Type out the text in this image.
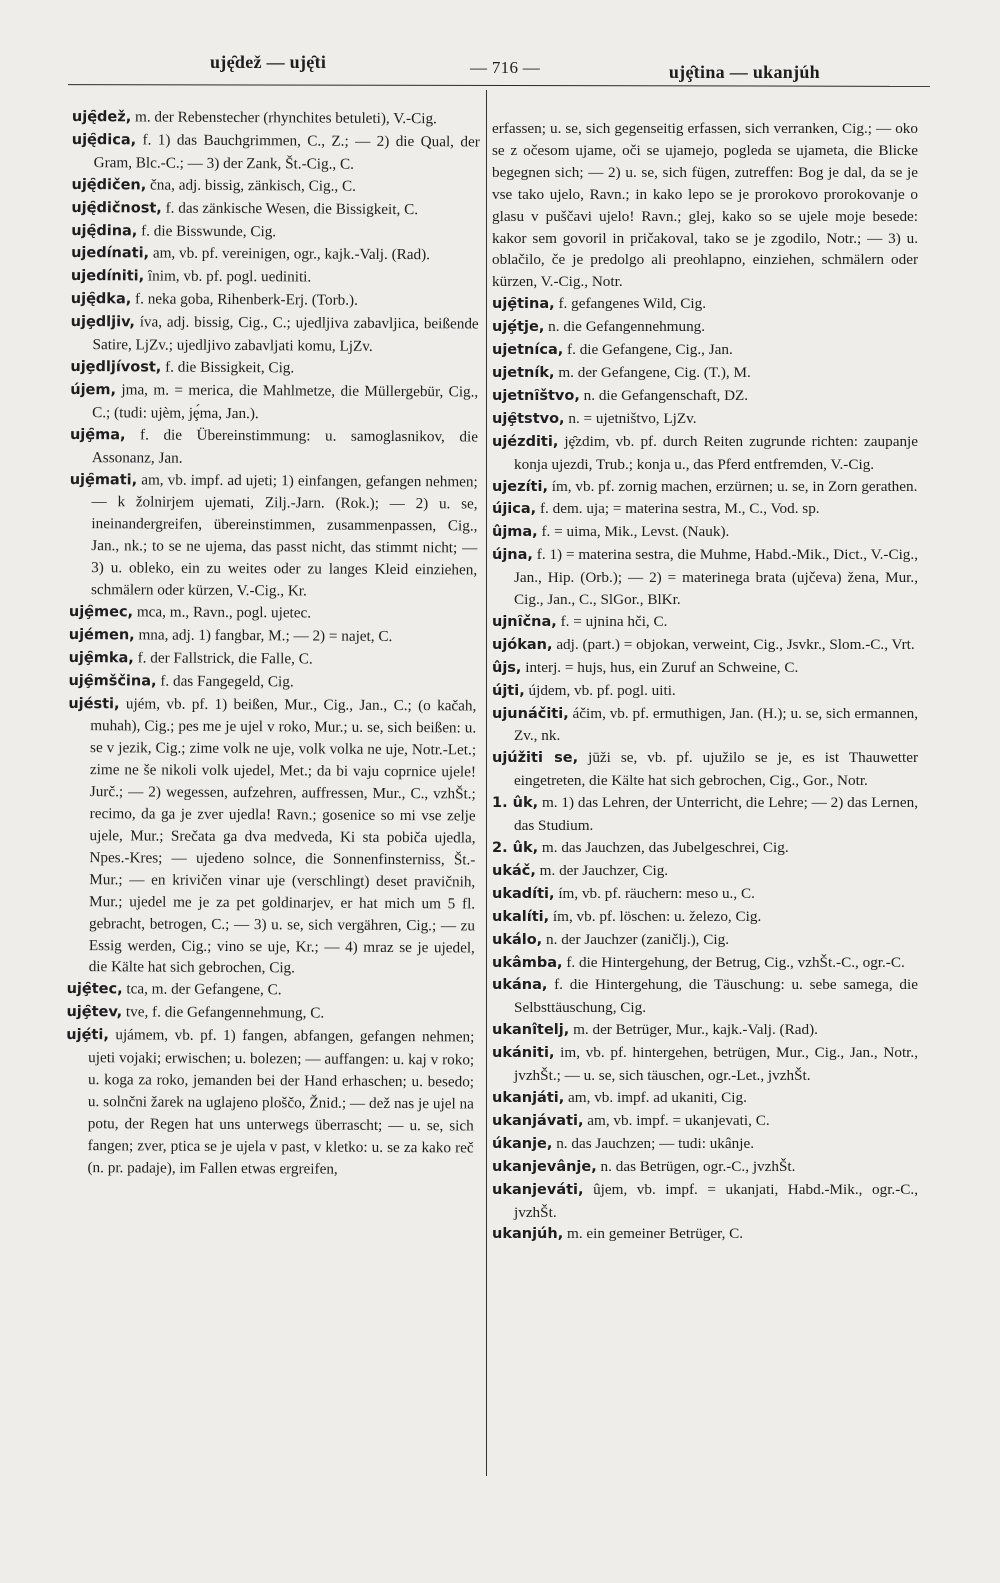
uję̑dež — uję̑ti	— 716 —	ujȩ̑tina — ukanjúh

uję̑dež, m. der Rebenstecher (rhynchites betuleti), V.-Cig.

uję̑dica, f. 1) das Bauchgrimmen, C., Z.; — 2) die Qual, der Gram, Blc.-C.; — 3) der Zank, Št.-Cig., C.

uję̑dičen, čna, adj. bissig, zänkisch, Cig., C.

uję̑dičnost, f. das zänkische Wesen, die Bissigkeit, C.

uję̑dina, f. die Bisswunde, Cig.

ujedínati, am, vb. pf. vereinigen, ogr., kajk.-Valj. (Rad).

ujedíniti, ȋnim, vb. pf. pogl. uediniti.

uję̑dka, f. neka goba, Rihenberk-Erj. (Torb.).

ujȩdljiv, íva, adj. bissig, Cig., C.; ujedljiva zabavljica, beißende Satire, LjZv.; ujedljivo zabavljati komu, LjZv.

ujȩdljívost, f. die Bissigkeit, Cig.

újem, jma, m. = merica, die Mahlmetze, die Müllergebür, Cig., C.; (tudi: ujèm, jȩ́ma, Jan.).

ujȩ̑ma, f. die Übereinstimmung: u. samoglasnikov, die Assonanz, Jan.

ujȩ̑mati, am, vb. impf. ad ujeti; 1) einfangen, gefangen nehmen; — k žolnirjem ujemati, Zilj.-Jarn. (Rok.); — 2) u. se, ineinandergreifen, übereinstimmen, zusammenpassen, Cig., Jan., nk.; to se ne ujema, das passt nicht, das stimmt nicht; — 3) u. obleko, ein zu weites oder zu langes Kleid einziehen, schmälern oder kürzen, V.-Cig., Kr.

ujȩ̑mec, mca, m., Ravn., pogl. ujetec.

ujémen, mna, adj. 1) fangbar, M.; — 2) = najet, C.

ujȩ̑mka, f. der Fallstrick, die Falle, C.

ujȩ̑mščina, f. das Fangegeld, Cig.

ujésti, ujém, vb. pf. 1) beißen, Mur., Cig., Jan., C.; (o kačah, muhah), Cig.; pes me je ujel v roko, Mur.; u. se, sich beißen: u. se v jezik, Cig.; zime volk ne uje, volk volka ne uje, Notr.-Let.; zime ne še nikoli volk ujedel, Met.; da bi vaju coprnice ujele! Jurč.; — 2) wegessen, aufzehren, auffressen, Mur., C., vzhŠt.; recimo, da ga je zver ujedla! Ravn.; gosenice so mi vse zelje ujele, Mur.; Srečata ga dva medveda, Ki sta pobiča ujedla, Npes.-Kres; — ujedeno solnce, die Sonnenfinsterniss, Št.-Mur.; — en krivičen vinar uje (verschlingt) deset pravičnih, Mur.; ujedel me je za pet goldinarjev, er hat mich um 5 fl. gebracht, betrogen, C.; — 3) u. se, sich vergähren, Cig.; — zu Essig werden, Cig.; vino se uje, Kr.; — 4) mraz se je ujedel, die Kälte hat sich gebrochen, Cig.

ujȩ̑tec, tca, m. der Gefangene, C.

ujȩ̑tev, tve, f. die Gefangennehmung, C.

ujȩ́ti, ujámem, vb. pf. 1) fangen, abfangen, gefangen nehmen; ujeti vojaki; erwischen; u. bolezen; — auffangen: u. kaj v roko; u. koga za roko, jemanden bei der Hand erhaschen; u. besedo; u. solnčni žarek na uglajeno ploščo, Žnid.; — dež nas je ujel na potu, der Regen hat uns unterwegs überrascht; — u. se, sich fangen; zver, ptica se je ujela v past, v kletko: u. se za kako reč (n. pr. padaje), im Fallen etwas ergreifen,

erfassen; u. se, sich gegenseitig erfassen, sich verranken, Cig.; — oko se z očesom ujame, oči se ujamejo, pogleda se ujameta, die Blicke begegnen sich; — 2) u. se, sich fügen, zutreffen: Bog je dal, da se je vse tako ujelo, Ravn.; in kako lepo se je prorokovo prorokovanje o glasu v puščavi ujelo! Ravn.; glej, kako so se ujele moje besede: kakor sem govoril in pričakoval, tako se je zgodilo, Notr.; — 3) u. oblačilo, če je predolgo ali preohlapno, einziehen, schmälern oder kürzen, V.-Cig., Notr.

ujȩ̑tina, f. gefangenes Wild, Cig.

ujȩ́tje, n. die Gefangennehmung.

ujetníca, f. die Gefangene, Cig., Jan.

ujetník, m. der Gefangene, Cig. (T.), M.

ujetnı̑štvo, n. die Gefangenschaft, DZ.

ujȩ̑tstvo, n. = ujetništvo, LjZv.

ujézditi, jȩ̑zdim, vb. pf. durch Reiten zugrunde richten: zaupanje konja ujezdi, Trub.; konja u., das Pferd entfremden, V.-Cig.

ujezíti, ím, vb. pf. zornig machen, erzürnen; u. se, in Zorn gerathen.

újica, f. dem. uja; = materina sestra, M., C., Vod. sp.

ûjma, f. = uima, Mik., Levst. (Nauk).

újna, f. 1) = materina sestra, die Muhme, Habd.-Mik., Dict., V.-Cig., Jan., Hip. (Orb.); — 2) = materinega brata (ujčeva) žena, Mur., Cig., Jan., C., SlGor., BlKr.

ujnı̑čna, f. = ujnina hči, C.

ujókan, adj. (part.) = objokan, verweint, Cig., Jsvkr., Slom.-C., Vrt.

ûjs, interj. = hujs, hus, ein Zuruf an Schweine, C.

újti, újdem, vb. pf. pogl. uiti.

ujunáčiti, áčim, vb. pf. ermuthigen, Jan. (H.); u. se, sich ermannen, Zv., nk.

ujúžiti se, jūži se, vb. pf. ujužilo se je, es ist Thauwetter eingetreten, die Kälte hat sich gebrochen, Cig., Gor., Notr.

1. ûk, m. 1) das Lehren, der Unterricht, die Lehre; — 2) das Lernen, das Studium.

2. ûk, m. das Jauchzen, das Jubelgeschrei, Cig.

ukáč, m. der Jauchzer, Cig.

ukadíti, ím, vb. pf. räuchern: meso u., C.

ukalíti, ím, vb. pf. löschen: u. železo, Cig.

ukálo, n. der Jauchzer (zaničlj.), Cig.

ukâmba, f. die Hintergehung, der Betrug, Cig., vzhŠt.-C., ogr.-C.

ukána, f. die Hintergehung, die Täuschung: u. sebe samega, die Selbsttäuschung, Cig.

ukanîtelj, m. der Betrüger, Mur., kajk.-Valj. (Rad).

ukániti, im, vb. pf. hintergehen, betrügen, Mur., Cig., Jan., Notr., jvzhŠt.; — u. se, sich täuschen, ogr.-Let., jvzhŠt.

ukanjáti, am, vb. impf. ad ukaniti, Cig.

ukanjávati, am, vb. impf. = ukanjevati, C.

úkanje, n. das Jauchzen; — tudi: ukânje.

ukanjevânje, n. das Betrügen, ogr.-C., jvzhŠt.

ukanjeváti, ûjem, vb. impf. = ukanjati, Habd.-Mik., ogr.-C., jvzhŠt.

ukanjúh, m. ein gemeiner Betrüger, C.
